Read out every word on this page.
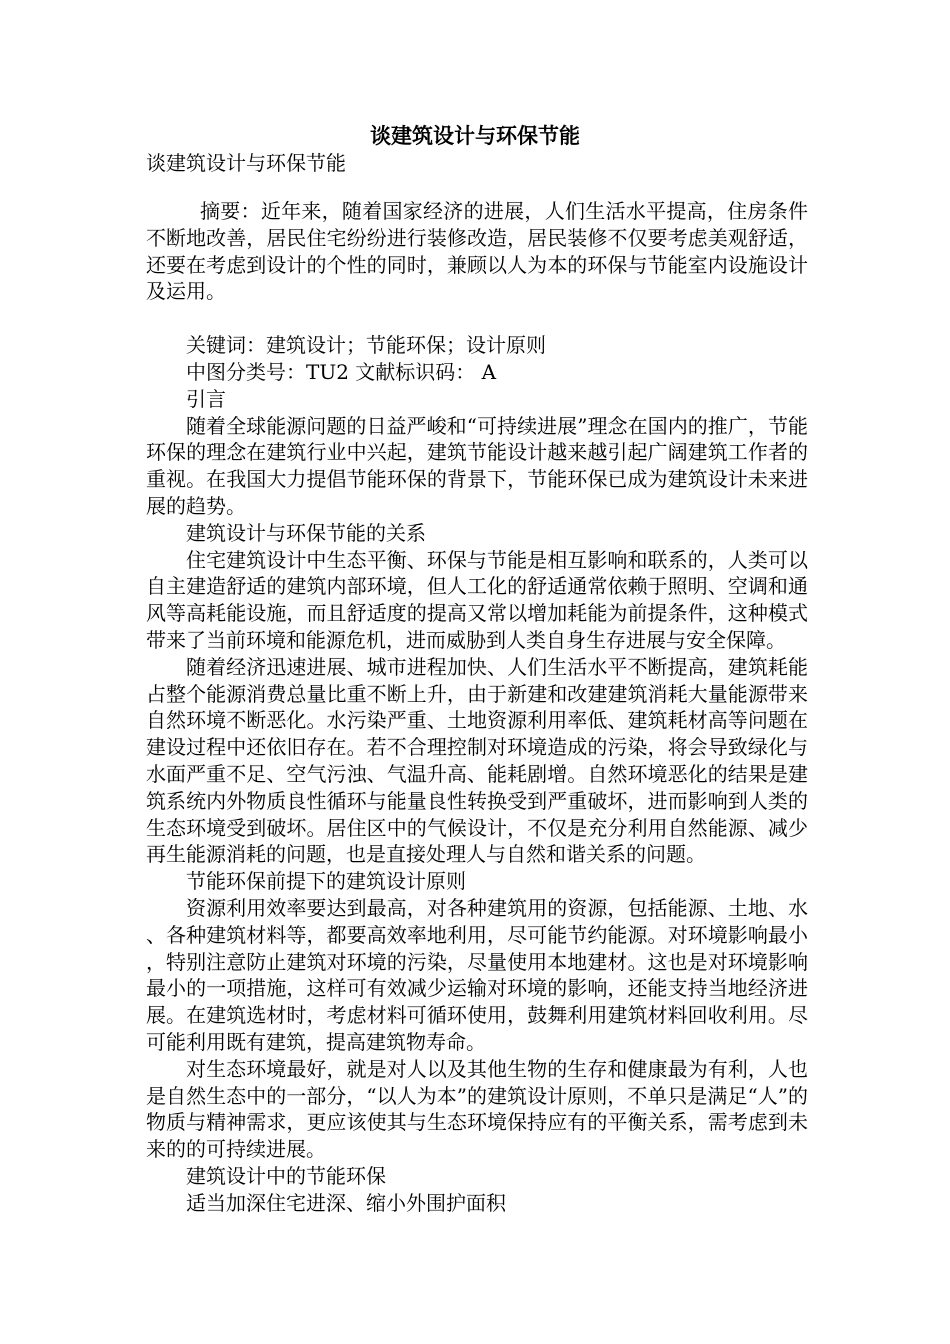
谈建筑设计与环保节能
谈建筑设计与环保节能

摘要：近年来，随着国家经济的进展，人们生活水平提高，住房条件不断地改善，居民住宅纷纷进行装修改造，居民装修不仅要考虑美观舒适，还要在考虑到设计的个性的同时，兼顾以人为本的环保与节能室内设施设计及运用。

关键词：建筑设计；节能环保；设计原则

中图分类号：TU2 文献标识码： A

引言

随着全球能源问题的日益严峻和“可持续进展”理念在国内的推广，节能环保的理念在建筑行业中兴起，建筑节能设计越来越引起广阔建筑工作者的重视。在我国大力提倡节能环保的背景下，节能环保已成为建筑设计未来进展的趋势。

建筑设计与环保节能的关系

住宅建筑设计中生态平衡、环保与节能是相互影响和联系的，人类可以自主建造舒适的建筑内部环境，但人工化的舒适通常依赖于照明、空调和通风等高耗能设施，而且舒适度的提高又常以增加耗能为前提条件，这种模式带来了当前环境和能源危机，进而威胁到人类自身生存进展与安全保障。

随着经济迅速进展、城市进程加快、人们生活水平不断提高，建筑耗能占整个能源消费总量比重不断上升，由于新建和改建建筑消耗大量能源带来自然环境不断恶化。水污染严重、土地资源利用率低、建筑耗材高等问题在建设过程中还依旧存在。若不合理控制对环境造成的污染，将会导致绿化与水面严重不足、空气污浊、气温升高、能耗剧增。自然环境恶化的结果是建筑系统内外物质良性循环与能量良性转换受到严重破坏，进而影响到人类的生态环境受到破坏。居住区中的气候设计，不仅是充分利用自然能源、减少再生能源消耗的问题，也是直接处理人与自然和谐关系的问题。

节能环保前提下的建筑设计原则

资源利用效率要达到最高，对各种建筑用的资源，包括能源、土地、水、各种建筑材料等，都要高效率地利用，尽可能节约能源。对环境影响最小，特别注意防止建筑对环境的污染，尽量使用本地建材。这也是对环境影响最小的一项措施，这样可有效减少运输对环境的影响，还能支持当地经济进展。在建筑选材时，考虑材料可循环使用，鼓舞利用建筑材料回收利用。尽可能利用既有建筑，提高建筑物寿命。

对生态环境最好，就是对人以及其他生物的生存和健康最为有利，人也是自然生态中的一部分，“以人为本”的建筑设计原则，不单只是满足“人”的物质与精神需求，更应该使其与生态环境保持应有的平衡关系，需考虑到未来的的可持续进展。

建筑设计中的节能环保

适当加深住宅进深、缩小外围护面积
